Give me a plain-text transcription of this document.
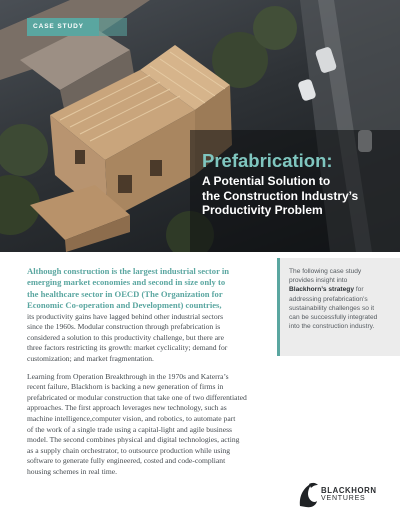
CASE STUDY
Prefabrication:
A Potential Solution to
the Construction Industry’s
Productivity Problem
Although construction is the largest industrial sector in
emerging market economies and second in size only to
the healthcare sector in OECD (The Organization for
Economic Co-operation and Development) countries,
its productivity gains have lagged behind other industrial sectors
since the 1960s. Modular construction through prefabrication is
considered a solution to this productivity challenge, but there are
three factors restricting its growth: market cyclicality; demand for
customization; and market fragmentation.
Learning from Operation Breakthrough in the 1970s and Katerra’s
recent failure, Blackhorn is backing a new generation of firms in
prefabricated or modular construction that take one of two differentiated
approaches. The first approach leverages new technology, such as
machine intelligence,computer vision, and robotics, to automate part
of the work of a single trade using a capital-light and agile business
model. The second combines physical and digital technologies, acting
as a supply chain orchestrator, to outsource production while using
software to generate fully engineered, costed and code-compliant
housing schemes in real time.
The following case study
provides insight into
Blackhorn’s strategy for
addressing prefabrication’s
sustainability challenges so it
can be successfully integrated
into the construction industry.
BLACKHORN
VENTURES
